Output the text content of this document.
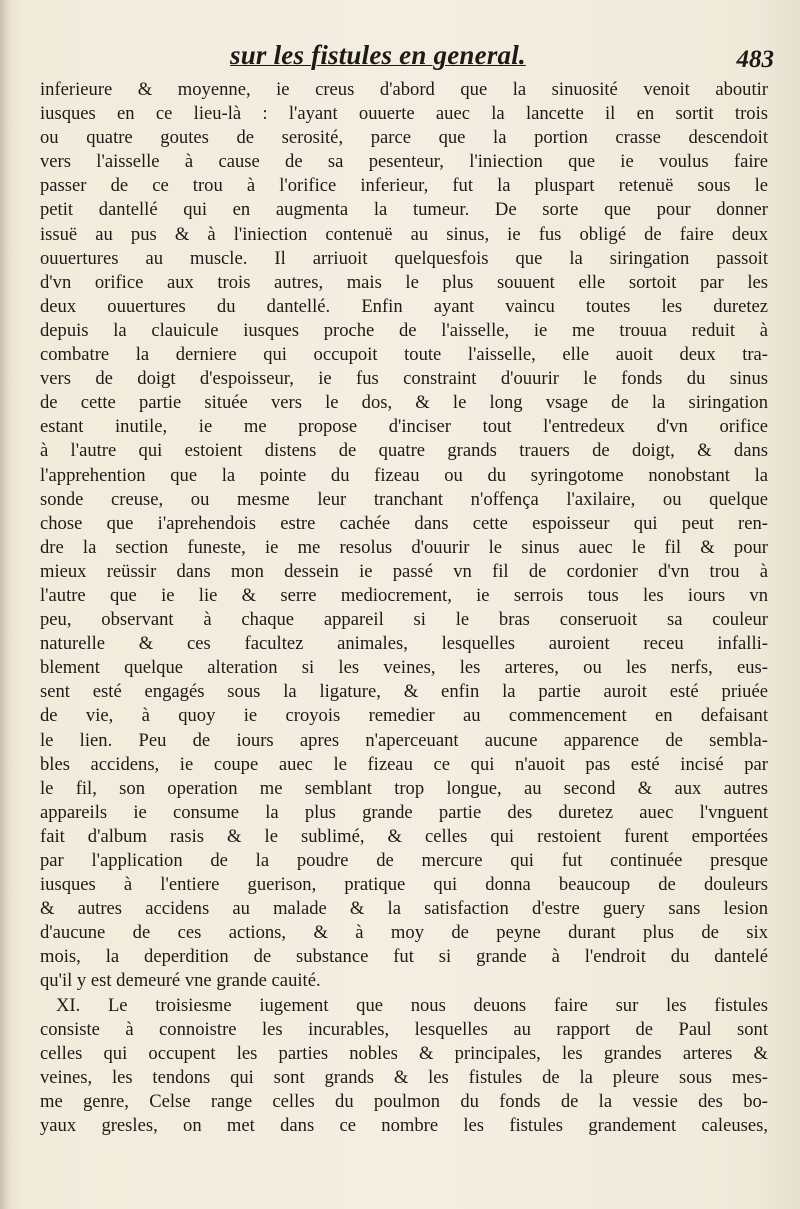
sur les fistules en general.	483
inferieure & moyenne, ie creus d'abord que la sinuosité venoit aboutir
iusques en ce lieu-là : l'ayant ouuerte auec la lancette il en sortit trois
ou quatre goutes de serosité, parce que la portion crasse descendoit
vers l'aisselle à cause de sa pesenteur, l'iniection que ie voulus faire
passer de ce trou à l'orifice inferieur, fut la pluspart retenuë sous le
petit dantellé qui en augmenta la tumeur. De sorte que pour donner
issuë au pus & à l'iniection contenuë au sinus, ie fus obligé de faire deux
ouuertures au muscle. Il arriuoit quelquesfois que la siringation passoit
d'vn orifice aux trois autres, mais le plus souuent elle sortoit par les
deux ouuertures du dantellé. Enfin ayant vaincu toutes les duretez
depuis la clauicule iusques proche de l'aisselle, ie me trouua reduit à
combatre la derniere qui occupoit toute l'aisselle, elle auoit deux tra-
vers de doigt d'espoisseur, ie fus constraint d'ouurir le fonds du sinus
de cette partie située vers le dos, & le long vsage de la siringation
estant inutile, ie me propose d'inciser tout l'entredeux d'vn orifice
à l'autre qui estoient distens de quatre grands trauers de doigt, & dans
l'apprehention que la pointe du fizeau ou du syringotome nonobstant la
sonde creuse, ou mesme leur tranchant n'offença l'axilaire, ou quelque
chose que i'aprehendois estre cachée dans cette espoisseur qui peut ren-
dre la section funeste, ie me resolus d'ouurir le sinus auec le fil & pour
mieux reüssir dans mon dessein ie passé vn fil de cordonier d'vn trou à
l'autre que ie lie & serre mediocrement, ie serrois tous les iours vn
peu, observant à chaque appareil si le bras conseruoit sa couleur
naturelle & ces facultez animales, lesquelles auroient receu infalli-
blement quelque alteration si les veines, les arteres, ou les nerfs, eus-
sent esté engagés sous la ligature, & enfin la partie auroit esté priuée
de vie, à quoy ie croyois remedier au commencement en defaisant
le lien. Peu de iours apres n'aperceuant aucune apparence de sembla-
bles accidens, ie coupe auec le fizeau ce qui n'auoit pas esté incisé par
le fil, son operation me semblant trop longue, au second & aux autres
appareils ie consume la plus grande partie des duretez auec l'vnguent
fait d'album rasis & le sublimé, & celles qui restoient furent emportées
par l'application de la poudre de mercure qui fut continuée presque
iusques à l'entiere guerison, pratique qui donna beaucoup de douleurs
& autres accidens au malade & la satisfaction d'estre guery sans lesion
d'aucune de ces actions, & à moy de peyne durant plus de six
mois, la deperdition de substance fut si grande à l'endroit du dantelé
qu'il y est demeuré vne grande cauité.
XI. Le troisiesme iugement que nous deuons faire sur les fistules
consiste à connoistre les incurables, lesquelles au rapport de Paul sont
celles qui occupent les parties nobles & principales, les grandes arteres &
veines, les tendons qui sont grands & les fistules de la pleure sous mes-
me genre, Celse range celles du poulmon du fonds de la vessie des bo-
yaux gresles, on met dans ce nombre les fistules grandement caleuses,
